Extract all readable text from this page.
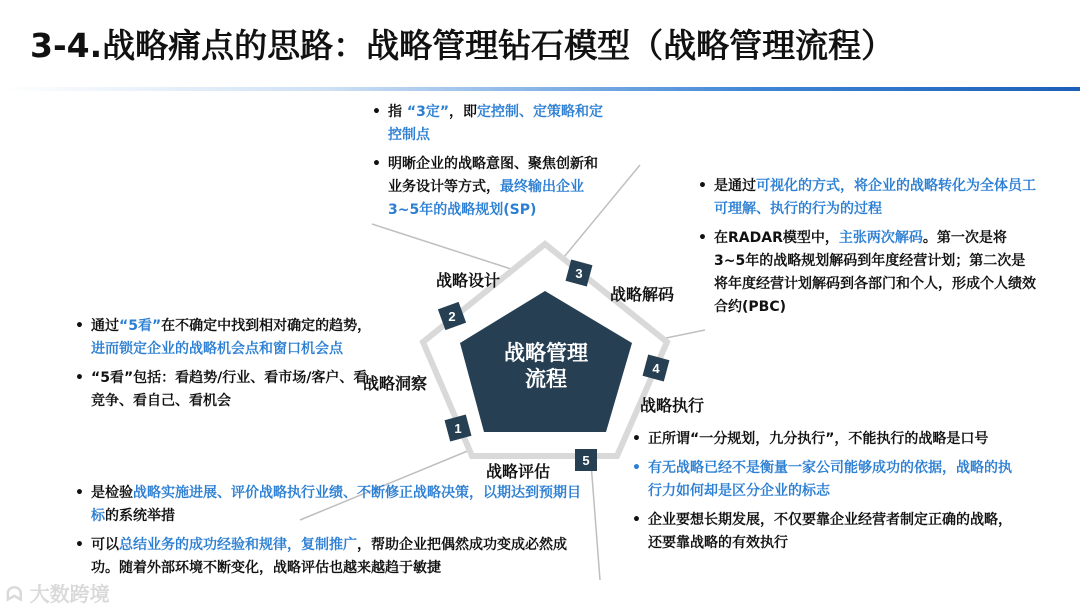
3-4.战略痛点的思路：战略管理钻石模型（战略管理流程）
1
2
3
4
5
战略管理
流程
战略设计
战略解码
战略洞察
战略执行
战略评估
• 指 “3定”，即定控制、定策略和定控制点
• 明晰企业的战略意图、聚焦创新和业务设计等方式，最终输出企业3~5年的战略规划(SP)
• 是通过可视化的方式，将企业的战略转化为全体员工可理解、执行的行为的过程
• 在RADAR模型中，主张两次解码。第一次是将3~5年的战略规划解码到年度经营计划；第二次是将年度经营计划解码到各部门和个人，形成个人绩效合约(PBC)
• 通过“5看”在不确定中找到相对确定的趋势，进而锁定企业的战略机会点和窗口机会点
• “5看”包括：看趋势/行业、看市场/客户、看竞争、看自己、看机会
• 正所谓“一分规划，九分执行”，不能执行的战略是口号
• 有无战略已经不是衡量一家公司能够成功的依据，战略的执行力如何却是区分企业的标志
• 企业要想长期发展，不仅要靠企业经营者制定正确的战略，还要靠战略的有效执行
• 是检验战略实施进展、评价战略执行业绩、不断修正战略决策，以期达到预期目标的系统举措
• 可以总结业务的成功经验和规律，复制推广，帮助企业把偶然成功变成必然成功。随着外部环境不断变化，战略评估也越来越趋于敏捷
ᗣ 大数跨境
